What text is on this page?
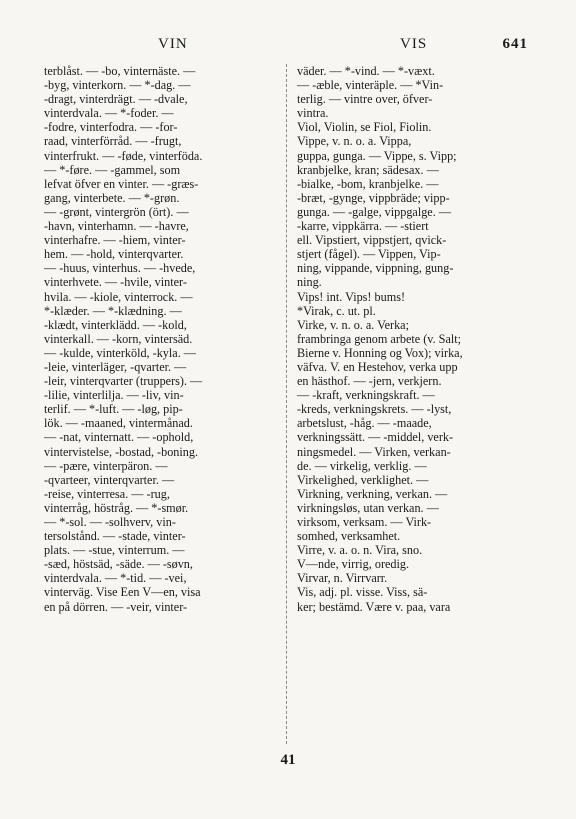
VIN	VIS	641
terblåst. — -bo, vinternäste. —
-byg, vinterkorn. — *-dag. —
-dragt, vinterdrägt. — -dvale,
vinterdvala. — *-foder. —
-fodre, vinterfodra. — -for-
raad, vinterförråd. — -frugt,
vinterfrukt. — -føde, vinterföda.
— *-føre. — -gammel, som
lefvat öfver en vinter. — -græs-
gang, vinterbete. — *-grøn.
— -grønt, vintergrön (ört). —
-havn, vinterhamn. — -havre,
vinterhafre. — -hiem, vinter-
hem. — -hold, vinterqvarter.
— -huus, vinterhus. — -hvede,
vinterhvete. — -hvile, vinter-
hvila. — -kiole, vinterrock. —
*-klæder. — *-klædning. —
-klædt, vinterklädd. — -kold,
vinterkall. — -korn, vintersäd.
— -kulde, vinterköld, -kyla. —
-leie, vinterläger, -qvarter. —
-leir, vinterqvarter (truppers). —
-lilie, vinterlilja. — -liv, vin-
terlif. — *-luft. — -løg, pip-
lök. — -maaned, vintermånad.
— -nat, vinternatt. — -ophold,
vintervistelse, -bostad, -boning.
— -pære, vinterpäron. —
-qvarteer, vinterqvarter. —
-reise, vinterresa. — -rug,
vinterråg, höstråg. — *-smør.
— *-sol. — -solhverv, vin-
tersolstånd. — -stade, vinter-
plats. — -stue, vinterrum. —
-sæd, höstsäd, -säde. — -søvn,
vinterdvala. — *-tid. — -vei,
vinterväg. Vise Een V—en, visa
en på dörren. — -veir, vinter-
väder. — *-vind. — *-væxt.
— -æble, vinteräple. — *Vin-
terlig. — vintre over, öfver-
vintra.
Viol, Violin, se Fiol, Fiolin.
Vippe, v. n. o. a. Vippa,
guppa, gunga. — Vippe, s. Vipp;
kranbjelke, kran; sädesax. —
-bialke, -bom, kranbjelke. —
-bræt, -gynge, vippbräde; vipp-
gunga. — -galge, vippgalge. —
-karre, vippkärra. — -stiert
ell. Vipstiert, vippstjert, qvick-
stjert (fågel). — Vippen, Vip-
ning, vippande, vippning, gung-
ning.
Vips! int. Vips! bums!
*Virak, c. ut. pl.
Virke, v. n. o. a. Verka;
frambringa genom arbete (v. Salt;
Bierne v. Honning og Vox); virka,
väfva. V. en Hestehov, verka upp
en hästhof. — -jern, verkjern.
— -kraft, verkningskraft. —
-kreds, verkningskrets. — -lyst,
arbetslust, -håg. — -maade,
verkningssätt. — -middel, verk-
ningsmedel. — Virken, verkan-
de. — virkelig, verklig. —
Virkelighed, verklighet. —
Virkning, verkning, verkan. —
virkningsløs, utan verkan. —
virksom, verksam. — Virk-
somhed, verksamhet.
Virre, v. a. o. n. Vira, sno.
V—nde, virrig, oredig.
Virvar, n. Virrvarr.
Vis, adj. pl. visse. Viss, sä-
ker; bestämd. Være v. paa, vara
41
